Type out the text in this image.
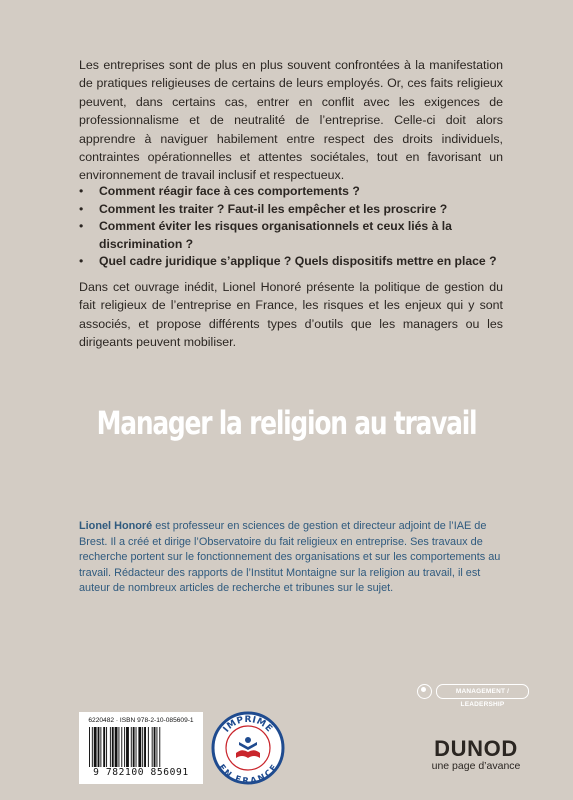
Les entreprises sont de plus en plus souvent confrontées à la manifestation de pratiques religieuses de certains de leurs employés. Or, ces faits religieux peuvent, dans certains cas, entrer en conflit avec les exigences de professionnalisme et de neutralité de l’entreprise. Celle-ci doit alors apprendre à naviguer habilement entre respect des droits individuels, contraintes opérationnelles et attentes sociétales, tout en favorisant un environnement de travail inclusif et respectueux.

• Comment réagir face à ces comportements ?
• Comment les traiter ? Faut-il les empêcher et les proscrire ?
• Comment éviter les risques organisationnels et ceux liés à la discrimination ?
• Quel cadre juridique s’applique ? Quels dispositifs mettre en place ?

Dans cet ouvrage inédit, Lionel Honoré présente la politique de gestion du fait religieux de l’entreprise en France, les risques et les enjeux qui y sont associés, et propose différents types d’outils que les managers ou les dirigeants peuvent mobiliser.

Manager la religion au travail

Lionel Honoré est professeur en sciences de gestion et directeur adjoint de l’IAE de Brest. Il a créé et dirige l’Observatoire du fait religieux en entreprise. Ses travaux de recherche portent sur le fonctionnement des organisations et sur les comportements au travail. Rédacteur des rapports de l’Institut Montaigne sur la religion au travail, il est auteur de nombreux articles de recherche et tribunes sur le sujet.

MANAGEMENT / LEADERSHIP
6220482 · ISBN 978-2-10-085609-1
9 782100 856091
IMPRIMÉ
EN FRANCE
DUNOD
une page d’avance
